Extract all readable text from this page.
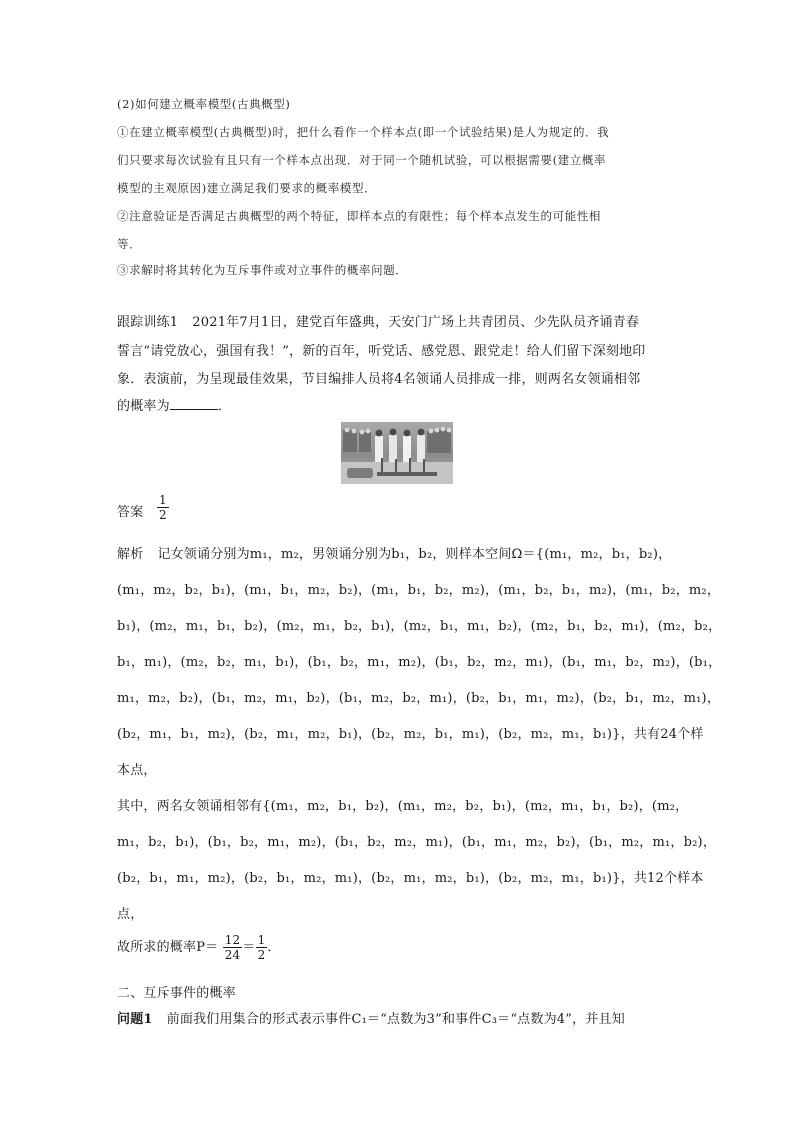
(2)如何建立概率模型(古典概型)
①在建立概率模型(古典概型)时，把什么看作一个样本点(即一个试验结果)是人为规定的．我
们只要求每次试验有且只有一个样本点出现．对于同一个随机试验，可以根据需要(建立概率
模型的主观原因)建立满足我们要求的概率模型．
②注意验证是否满足古典概型的两个特征，即样本点的有限性；每个样本点发生的可能性相
等．
③求解时将其转化为互斥事件或对立事件的概率问题．
跟踪训练1 2021年7月1日，建党百年盛典，天安门广场上共青团员、少先队员齐诵青春
誓言“请党放心，强国有我！”，新的百年，听党话、感党恩、跟党走！给人们留下深刻地印
象．表演前，为呈现最佳效果，节目编排人员将4名领诵人员排成一排，则两名女领诵相邻
的概率为	．
答案 $\frac{1}{2}$
解析 记女领诵分别为m₁，m₂，男领诵分别为b₁，b₂，则样本空间Ω＝{(m₁，m₂，b₁，b₂)，
(m₁，m₂，b₂，b₁)，(m₁，b₁，m₂，b₂)，(m₁，b₁，b₂，m₂)，(m₁，b₂，b₁，m₂)，(m₁，b₂，m₂，
b₁)，(m₂，m₁，b₁，b₂)，(m₂，m₁，b₂，b₁)，(m₂，b₁，m₁，b₂)，(m₂，b₁，b₂，m₁)，(m₂，b₂，
b₁，m₁)，(m₂，b₂，m₁，b₁)，(b₁，b₂，m₁，m₂)，(b₁，b₂，m₂，m₁)，(b₁，m₁，b₂，m₂)，(b₁，
m₁，m₂，b₂)，(b₁，m₂，m₁，b₂)，(b₁，m₂，b₂，m₁)，(b₂，b₁，m₁，m₂)，(b₂，b₁，m₂，m₁)，
(b₂，m₁，b₁，m₂)，(b₂，m₁，m₂，b₁)，(b₂，m₂，b₁，m₁)，(b₂，m₂，m₁，b₁)}，共有24个样
本点，
其中，两名女领诵相邻有{(m₁，m₂，b₁，b₂)，(m₁，m₂，b₂，b₁)，(m₂，m₁，b₁，b₂)，(m₂，
m₁，b₂，b₁)，(b₁，b₂，m₁，m₂)，(b₁，b₂，m₂，m₁)，(b₁，m₁，m₂，b₂)，(b₁，m₂，m₁，b₂)，
(b₂，b₁，m₁，m₂)，(b₂，b₁，m₂，m₁)，(b₂，m₁，m₂，b₁)，(b₂，m₂，m₁，b₁)}，共12个样本
点，
故所求的概率$P= \frac{12}{24} = \frac{1}{2}$ ．
二、互斥事件的概率
问题1 前面我们用集合的形式表示事件C₁＝“点数为3”和事件C₃＝“点数为4”，并且知
